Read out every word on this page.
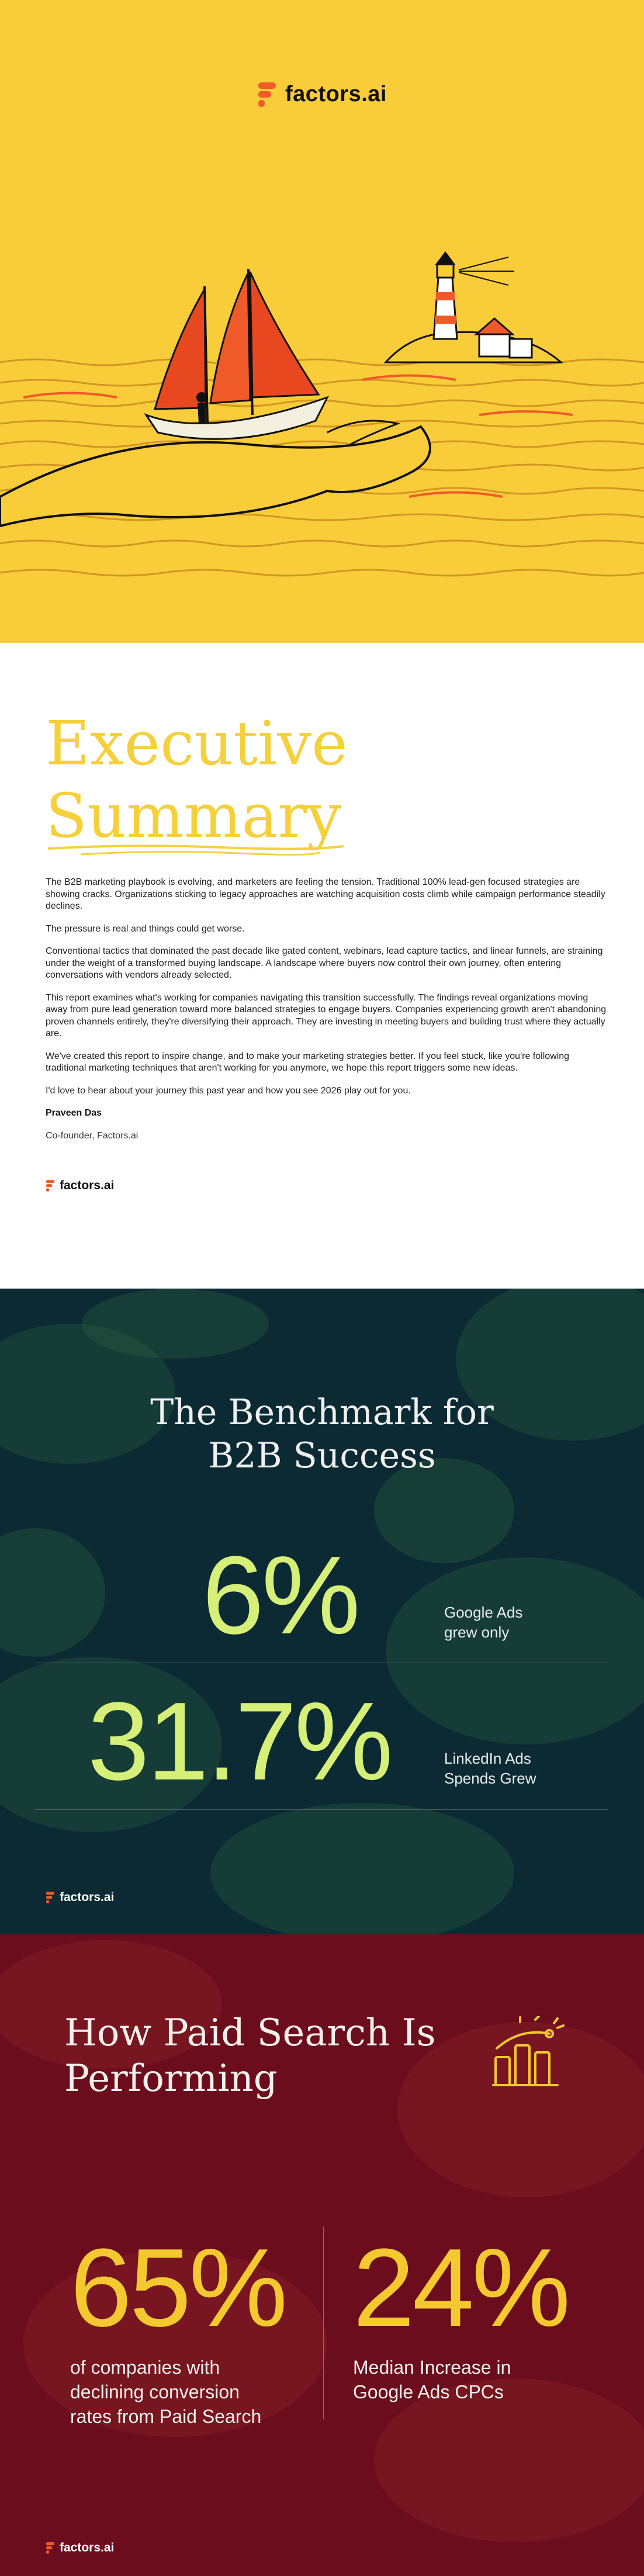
factors.ai
Executive
Summary

The B2B marketing playbook is evolving, and marketers are feeling the tension. Traditional 100% lead-gen focused strategies are showing cracks. Organizations sticking to legacy approaches are watching acquisition costs climb while campaign performance steadily declines.

The pressure is real and things could get worse.

Conventional tactics that dominated the past decade like gated content, webinars, lead capture tactics, and linear funnels, are straining under the weight of a transformed buying landscape. A landscape where buyers now control their own journey, often entering conversations with vendors already selected.

This report examines what's working for companies navigating this transition successfully. The findings reveal organizations moving away from pure lead generation toward more balanced strategies to engage buyers. Companies experiencing growth aren't abandoning proven channels entirely, they're diversifying their approach. They are investing in meeting buyers and building trust where they actually are.

We've created this report to inspire change, and to make your marketing strategies better. If you feel stuck, like you're following traditional marketing techniques that aren't working for you anymore, we hope this report triggers some new ideas.

I'd love to hear about your journey this past year and how you see 2026 play out for you.

Praveen Das

Co-founder, Factors.ai

factors.ai
The Benchmark for
B2B Success
6%	Google Ads
grew only
31.7%	LinkedIn Ads
Spends Grew
factors.ai
How Paid Search Is
Performing
65%
of companies with
declining conversion
rates from Paid Search
24%
Median Increase in
Google Ads CPCs
factors.ai
